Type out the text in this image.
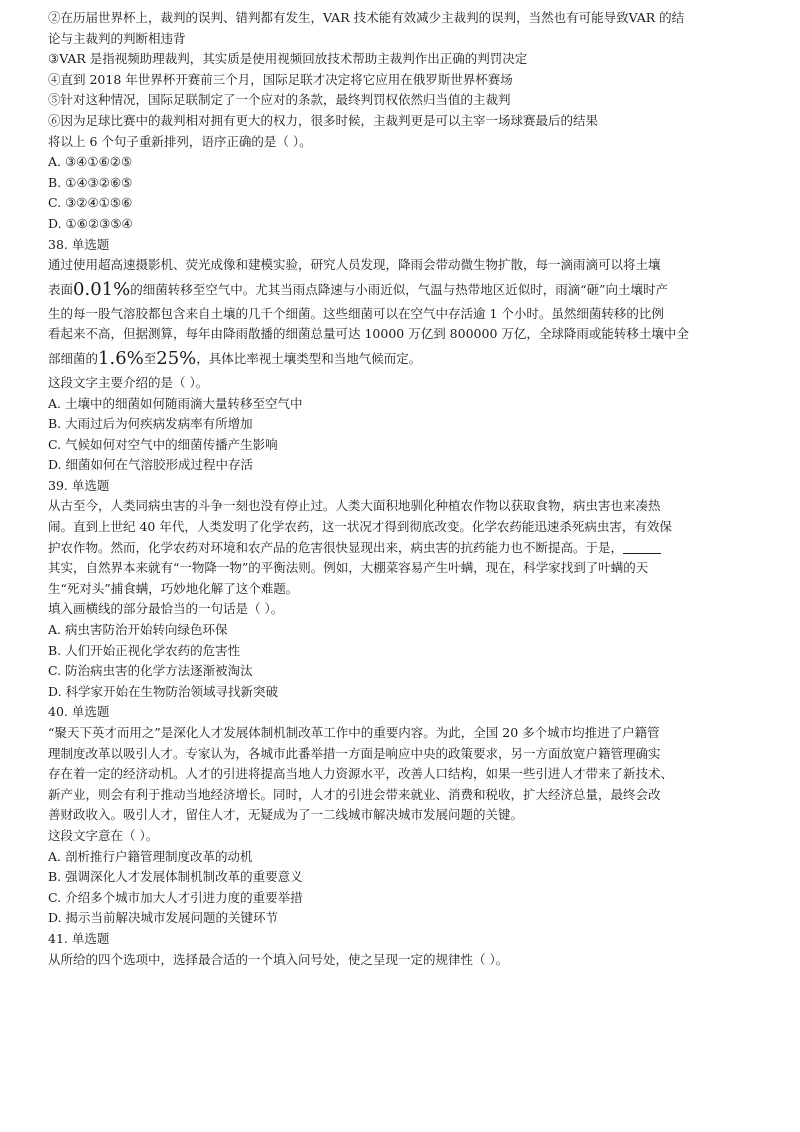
②在历届世界杯上，裁判的误判、错判都有发生，VAR 技术能有效减少主裁判的误判，当然也有可能导致VAR 的结
论与主裁判的判断相违背
③VAR 是指视频助理裁判，其实质是使用视频回放技术帮助主裁判作出正确的判罚决定
④直到 2018 年世界杯开赛前三个月，国际足联才决定将它应用在俄罗斯世界杯赛场
⑤针对这种情况，国际足联制定了一个应对的条款，最终判罚权依然归当值的主裁判
⑥因为足球比赛中的裁判相对拥有更大的权力，很多时候，主裁判更是可以主宰一场球赛最后的结果
将以上 6 个句子重新排列，语序正确的是（ ）。
A. ③④①⑥②⑤
B. ①④③②⑥⑤
C. ③②④①⑤⑥
D. ①⑥②③⑤④
38. 单选题
通过使用超高速摄影机、荧光成像和建模实验，研究人员发现，降雨会带动微生物扩散，每一滴雨滴可以将土壤
表面0.01%的细菌转移至空气中。尤其当雨点降速与小雨近似，气温与热带地区近似时，雨滴“砸”向土壤时产
生的每一股气溶胶都包含来自土壤的几千个细菌。这些细菌可以在空气中存活逾 1 个小时。虽然细菌转移的比例
看起来不高，但据测算，每年由降雨散播的细菌总量可达 10000 万亿到 800000 万亿，全球降雨或能转移土壤中全
部细菌的1.6%至25%，具体比率视土壤类型和当地气候而定。
这段文字主要介绍的是（ ）。
A. 土壤中的细菌如何随雨滴大量转移至空气中
B. 大雨过后为何疾病发病率有所增加
C. 气候如何对空气中的细菌传播产生影响
D. 细菌如何在气溶胶形成过程中存活
39. 单选题
从古至今，人类同病虫害的斗争一刻也没有停止过。人类大面积地驯化种植农作物以获取食物，病虫害也来凑热
闹。直到上世纪 40 年代，人类发明了化学农药，这一状况才得到彻底改变。化学农药能迅速杀死病虫害，有效保
护农作物。然而，化学农药对环境和农产品的危害很快显现出来，病虫害的抗药能力也不断提高。于是，
其实，自然界本来就有“一物降一物”的平衡法则。例如，大棚菜容易产生叶螨，现在，科学家找到了叶螨的天
生“死对头”捕食螨，巧妙地化解了这个难题。
填入画横线的部分最恰当的一句话是（ ）。
A. 病虫害防治开始转向绿色环保
B. 人们开始正视化学农药的危害性
C. 防治病虫害的化学方法逐渐被淘汰
D. 科学家开始在生物防治领域寻找新突破
40. 单选题
“聚天下英才而用之”是深化人才发展体制机制改革工作中的重要内容。为此，全国 20 多个城市均推进了户籍管
理制度改革以吸引人才。专家认为，各城市此番举措一方面是响应中央的政策要求，另一方面放宽户籍管理确实
存在着一定的经济动机。人才的引进将提高当地人力资源水平，改善人口结构，如果一些引进人才带来了新技术、
新产业，则会有利于推动当地经济增长。同时，人才的引进会带来就业、消费和税收，扩大经济总量，最终会改
善财政收入。吸引人才，留住人才，无疑成为了一二线城市解决城市发展问题的关键。
这段文字意在（ ）。
A. 剖析推行户籍管理制度改革的动机
B. 强调深化人才发展体制机制改革的重要意义
C. 介绍多个城市加大人才引进力度的重要举措
D. 揭示当前解决城市发展问题的关键环节
41. 单选题
从所给的四个选项中，选择最合适的一个填入问号处，使之呈现一定的规律性（ ）。
